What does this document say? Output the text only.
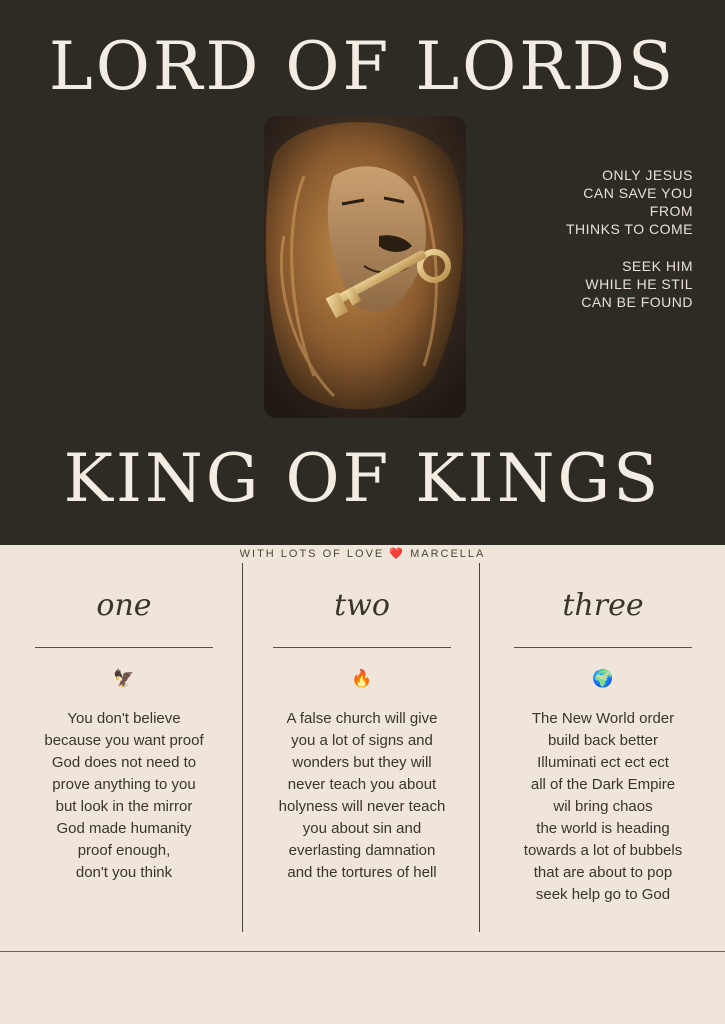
LORD OF LORDS
ONLY JESUS
CAN SAVE YOU
FROM
THINKS TO COME
SEEK HIM
WHILE HE STIL
CAN BE FOUND
KING OF KINGS
WITH LOTS OF LOVE ❤️ MARCELLA
one
🦅
You don't believe
because you want proof
God does not need to
prove anything to you
but look in the mirror
God made humanity
proof enough,
don't you think
two
🔥
A false church will give
you a lot of signs and
wonders but they will
never teach you about
holyness will never teach
you about sin and
everlasting damnation
and the tortures of hell
three
🌍
The New World order
build back better
Illuminati ect ect ect
all of the Dark Empire
wil bring chaos
the world is heading
towards a lot of bubbels
that are about to pop
seek help go to God
